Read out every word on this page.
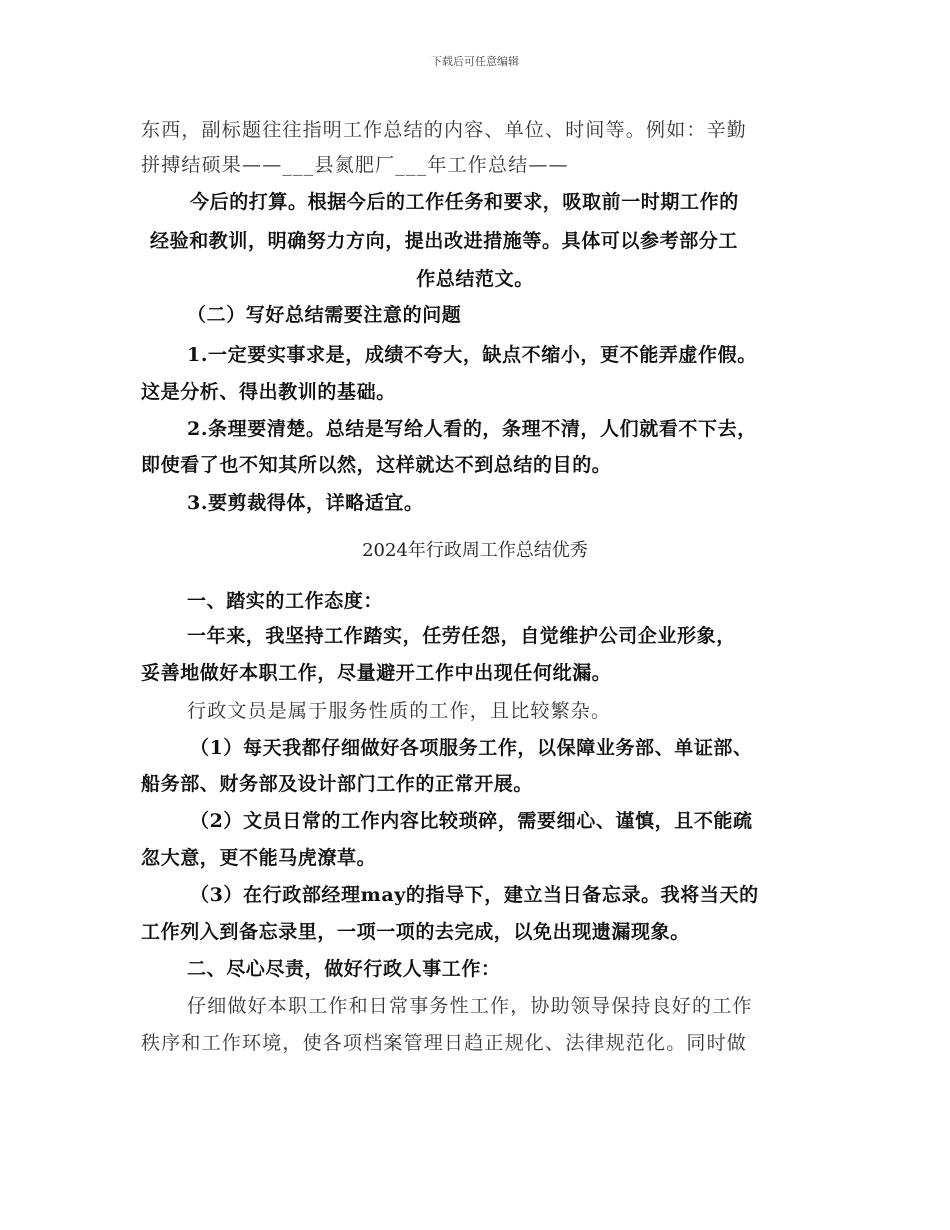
下载后可任意编辑
东西，副标题往往指明工作总结的内容、单位、时间等。例如：辛勤
拼搏结硕果——___县氮肥厂___年工作总结——
今后的打算。根据今后的工作任务和要求，吸取前一时期工作的
经验和教训，明确努力方向，提出改进措施等。具体可以参考部分工
作总结范文。
（二）写好总结需要注意的问题
1.一定要实事求是，成绩不夸大，缺点不缩小，更不能弄虚作假。
这是分析、得出教训的基础。
2.条理要清楚。总结是写给人看的，条理不清，人们就看不下去，
即使看了也不知其所以然，这样就达不到总结的目的。
3.要剪裁得体，详略适宜。
2024年行政周工作总结优秀
一、踏实的工作态度：
一年来，我坚持工作踏实，任劳任怨，自觉维护公司企业形象，
妥善地做好本职工作，尽量避开工作中出现任何纰漏。
行政文员是属于服务性质的工作，且比较繁杂。
（1）每天我都仔细做好各项服务工作，以保障业务部、单证部、
船务部、财务部及设计部门工作的正常开展。
（2）文员日常的工作内容比较琐碎，需要细心、谨慎，且不能疏
忽大意，更不能马虎潦草。
（3）在行政部经理may的指导下，建立当日备忘录。我将当天的
工作列入到备忘录里，一项一项的去完成，以免出现遗漏现象。
二、尽心尽责，做好行政人事工作：
仔细做好本职工作和日常事务性工作，协助领导保持良好的工作
秩序和工作环境，使各项档案管理日趋正规化、法律规范化。同时做
